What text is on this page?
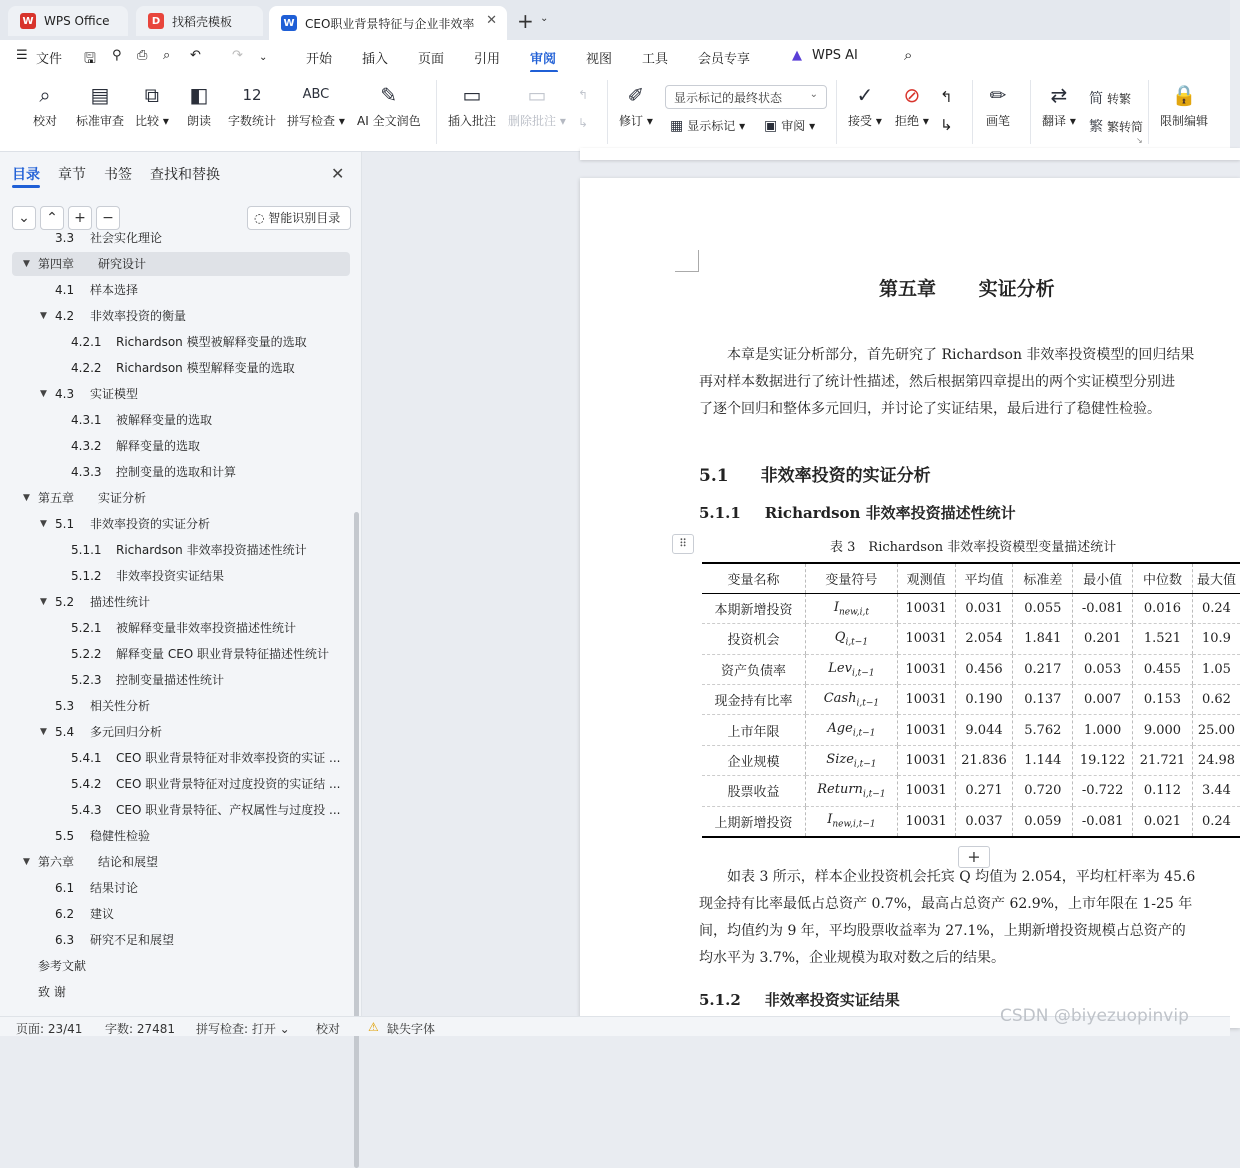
W WPS Office	D 找稻壳模板	W CEO职业背景特征与企业非效率 ✕ + ⌄
☰ 文件 🖫 ⚲ ⎙ ⌕ ↶ ↷ ⌄	开始 插入 页面 引用 审阅 视图 工具 会员专享	▲ WPS AI	⌕
⌕
校对
▤
标准审查
⧉
比较 ▾
◧
朗读
12
字数统计
ABC
拼写检查 ▾
✎
AI 全文润色
▭
插入批注
▭
删除批注 ▾
↰
↳
✐
修订 ▾
显示标记的最终状态	⌄
▦ 显示标记 ▾ ▣ 审阅 ▾
✓
接受 ▾
⊘
拒绝 ▾
↰
↳
✏
画笔
⇄
翻译 ▾
简 转繁
繁 繁转简
🔒
限制编辑
↘
目录 章节 书签 查找和替换	✕
⌄	⌃	+	−	◌ 智能识别目录
3.3 社会实化理论
▼ 第四章 研究设计
4.1 样本选择
▼ 4.2 非效率投资的衡量
4.2.1 Richardson 模型被解释变量的选取
4.2.2 Richardson 模型解释变量的选取
▼ 4.3 实证模型
4.3.1 被解释变量的选取
4.3.2 解释变量的选取
4.3.3 控制变量的选取和计算
▼ 第五章 实证分析
▼ 5.1 非效率投资的实证分析
5.1.1 Richardson 非效率投资描述性统计
5.1.2 非效率投资实证结果
▼ 5.2 描述性统计
5.2.1 被解释变量非效率投资描述性统计
5.2.2 解释变量 CEO 职业背景特征描述性统计
5.2.3 控制变量描述性统计
5.3 相关性分析
▼ 5.4 多元回归分析
5.4.1 CEO 职业背景特征对非效率投资的实证 ...
5.4.2 CEO 职业背景特征对过度投资的实证结 ...
5.4.3 CEO 职业背景特征、产权属性与过度投 ...
5.5 稳健性检验
▼ 第六章 结论和展望
6.1 结果讨论
6.2 建议
6.3 研究不足和展望
参考文献
致 谢
第五章 实证分析
本章是实证分析部分，首先研究了 Richardson 非效率投资模型的回归结果
再对样本数据进行了统计性描述，然后根据第四章提出的两个实证模型分别进
了逐个回归和整体多元回归，并讨论了实证结果，最后进行了稳健性检验。
5.1 非效率投资的实证分析
5.1.1 Richardson 非效率投资描述性统计
⠿	表 3　Richardson 非效率投资模型变量描述统计
变量名称	变量符号	观测值	平均值	标准差	最小值	中位数	最大值
本期新增投资	$I_{new,i,t}$	10031	0.031	0.055	-0.081	0.016	0.24
投资机会	$Q_{i,t-1}$	10031	2.054	1.841	0.201	1.521	10.9
资产负债率	Lev$_{i,t-1}$	10031	0.456	0.217	0.053	0.455	1.05
现金持有比率	Cash$_{i,t-1}$	10031	0.190	0.137	0.007	0.153	0.62
上市年限	Age$_{i,t-1}$	10031	9.044	5.762	1.000	9.000	25.00
企业规模	Size$_{i,t-1}$	10031	21.836	1.144	19.122	21.721	24.98
股票收益	Return$_{i,t-1}$	10031	0.271	0.720	-0.722	0.112	3.44
上期新增投资	$I_{new,i,t-1}$	10031	0.037	0.059	-0.081	0.021	0.24
+
如表 3 所示，样本企业投资机会托宾 Q 均值为 2.054，平均杠杆率为 45.6
现金持有比率最低占总资产 0.7%，最高占总资产 62.9%，上市年限在 1-25 年
间，均值约为 9 年，平均股票收益率为 27.1%，上期新增投资规模占总资产的
均水平为 3.7%，企业规模为取对数之后的结果。
5.1.2 非效率投资实证结果
页面: 23/41 字数: 27481 拼写检查: 打开 ⌄ 校对 ⚠ 缺失字体
CSDN @biyezuopinvip
